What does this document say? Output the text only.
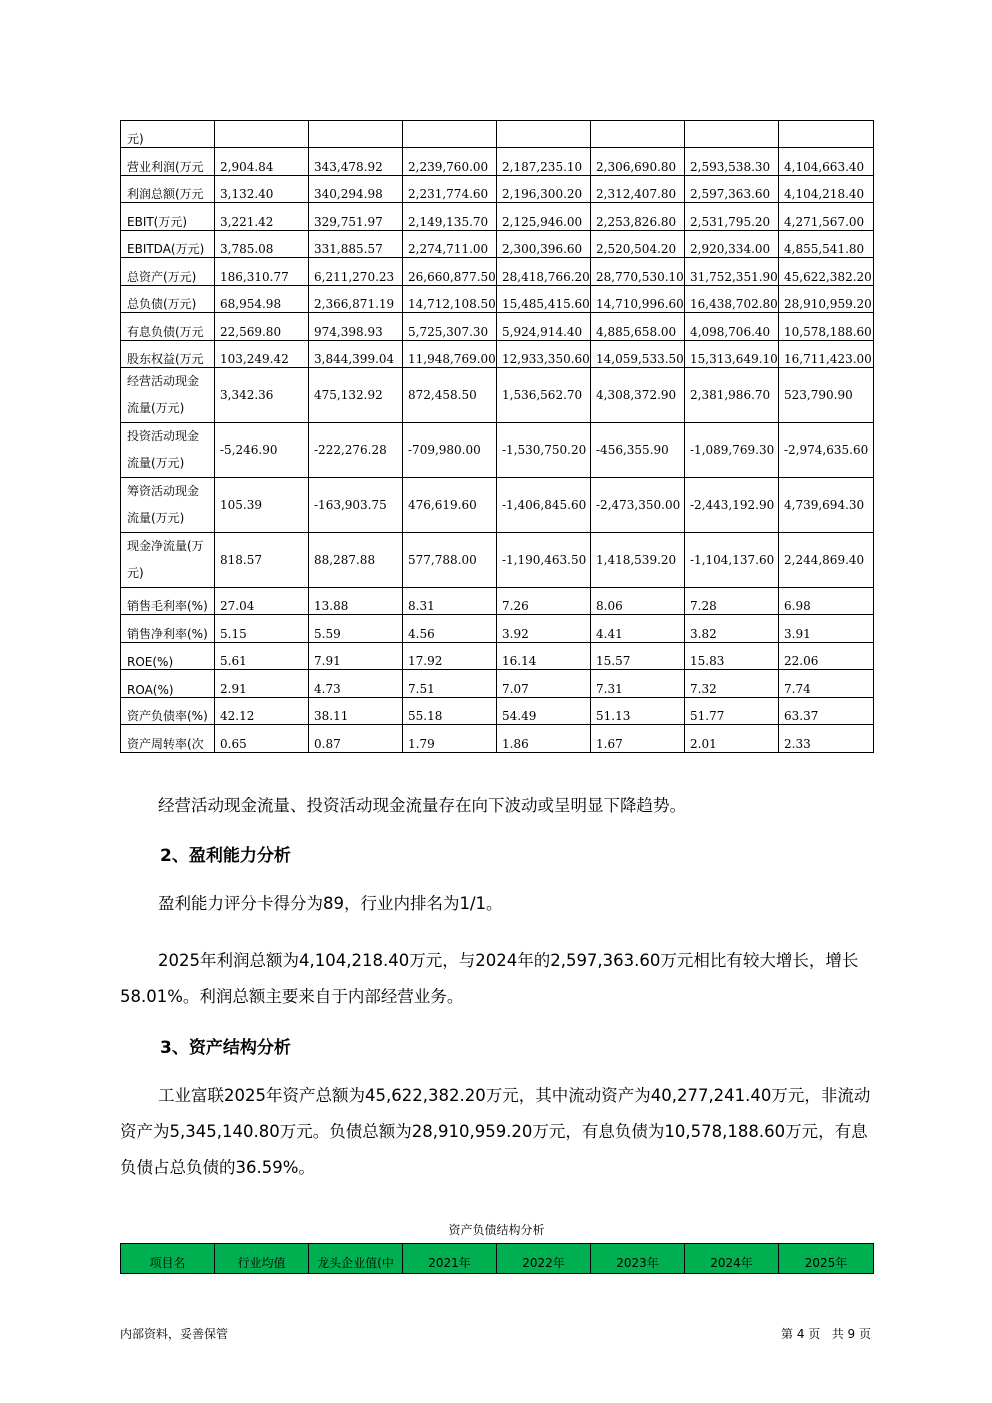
元)							
营业利润(万元	2,904.84	343,478.92	2,239,760.00	2,187,235.10	2,306,690.80	2,593,538.30	4,104,663.40
利润总额(万元	3,132.40	340,294.98	2,231,774.60	2,196,300.20	2,312,407.80	2,597,363.60	4,104,218.40
EBIT(万元)	3,221.42	329,751.97	2,149,135.70	2,125,946.00	2,253,826.80	2,531,795.20	4,271,567.00
EBITDA(万元)	3,785.08	331,885.57	2,274,711.00	2,300,396.60	2,520,504.20	2,920,334.00	4,855,541.80
总资产(万元)	186,310.77	6,211,270.23	26,660,877.50	28,418,766.20	28,770,530.10	31,752,351.90	45,622,382.20
总负债(万元)	68,954.98	2,366,871.19	14,712,108.50	15,485,415.60	14,710,996.60	16,438,702.80	28,910,959.20
有息负债(万元	22,569.80	974,398.93	5,725,307.30	5,924,914.40	4,885,658.00	4,098,706.40	10,578,188.60
股东权益(万元	103,249.42	3,844,399.04	11,948,769.00	12,933,350.60	14,059,533.50	15,313,649.10	16,711,423.00
经营活动现金流量(万元)	3,342.36	475,132.92	872,458.50	1,536,562.70	4,308,372.90	2,381,986.70	523,790.90
投资活动现金流量(万元)	-5,246.90	-222,276.28	-709,980.00	-1,530,750.20	-456,355.90	-1,089,769.30	-2,974,635.60
筹资活动现金流量(万元)	105.39	-163,903.75	476,619.60	-1,406,845.60	-2,473,350.00	-2,443,192.90	4,739,694.30
现金净流量(万元)	818.57	88,287.88	577,788.00	-1,190,463.50	1,418,539.20	-1,104,137.60	2,244,869.40
销售毛利率(%)	27.04	13.88	8.31	7.26	8.06	7.28	6.98
销售净利率(%)	5.15	5.59	4.56	3.92	4.41	3.82	3.91
ROE(%)	5.61	7.91	17.92	16.14	15.57	15.83	22.06
ROA(%)	2.91	4.73	7.51	7.07	7.31	7.32	7.74
资产负债率(%)	42.12	38.11	55.18	54.49	51.13	51.77	63.37
资产周转率(次	0.65	0.87	1.79	1.86	1.67	2.01	2.33
经营活动现金流量、投资活动现金流量存在向下波动或呈明显下降趋势。
2、盈利能力分析
盈利能力评分卡得分为89，行业内排名为1/1。
2025年利润总额为4,104,218.40万元，与2024年的2,597,363.60万元相比有较大增长，增长58.01%。利润总额主要来自于内部经营业务。
3、资产结构分析
工业富联2025年资产总额为45,622,382.20万元，其中流动资产为40,277,241.40万元，非流动资产为5,345,140.80万元。负债总额为28,910,959.20万元，有息负债为10,578,188.60万元，有息负债占总负债的36.59%。
资产负债结构分析
项目名	行业均值	龙头企业值(中	2021年	2022年	2023年	2024年	2025年
内部资料，妥善保管	第 4 页   共 9 页
